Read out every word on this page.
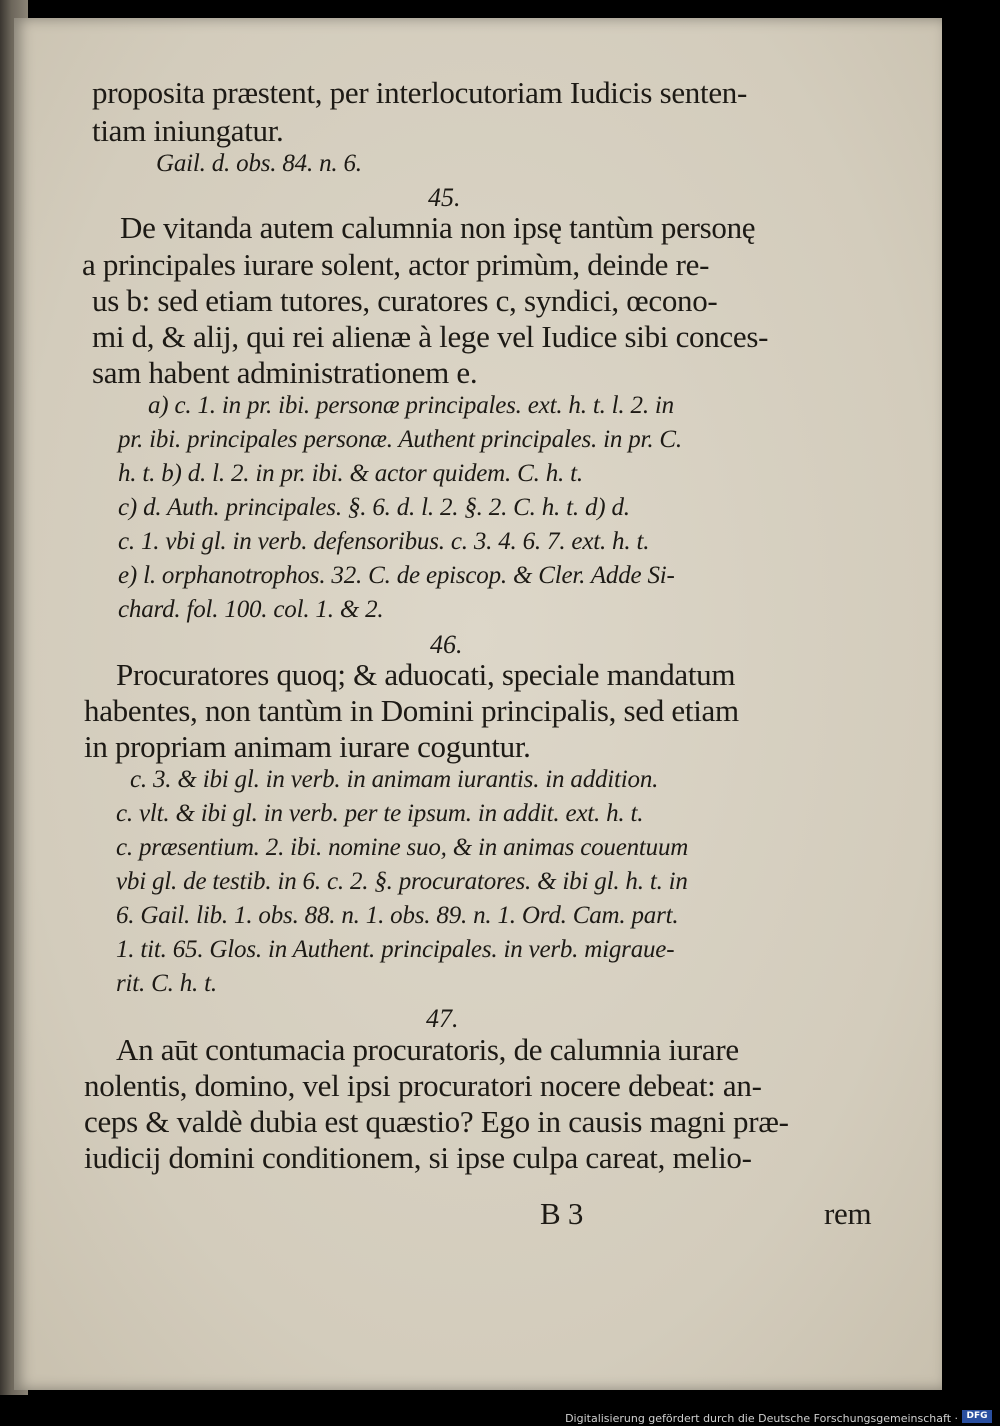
proposita præstent, per interlocutoriam Iudicis senten-

tiam iniungatur.

Gail. d. obs. 84. n. 6.

45.

De vitanda autem calumnia non ipsę tantùm personę

a principales iurare solent, actor primùm, deinde re-

us b: sed etiam tutores, curatores c, syndici, œcono-

mi d, & alij, qui rei alienæ à lege vel Iudice sibi conces-

sam habent administrationem e.

a) c. 1. in pr. ibi. personæ principales. ext. h. t. l. 2. in

pr. ibi. principales personæ. Authent principales. in pr. C.

h. t. b) d. l. 2. in pr. ibi. & actor quidem. C. h. t.

c) d. Auth. principales. §. 6. d. l. 2. §. 2. C. h. t. d) d.

c. 1. vbi gl. in verb. defensoribus. c. 3. 4. 6. 7. ext. h. t.

e) l. orphanotrophos. 32. C. de episcop. & Cler. Adde Si-

chard. fol. 100. col. 1. & 2.

46.

Procuratores quoq; & aduocati, speciale mandatum

habentes, non tantùm in Domini principalis, sed etiam

in propriam animam iurare coguntur.

c. 3. & ibi gl. in verb. in animam iurantis. in addition.

c. vlt. & ibi gl. in verb. per te ipsum. in addit. ext. h. t.

c. præsentium. 2. ibi. nomine suo, & in animas couentuum

vbi gl. de testib. in 6. c. 2. §. procuratores. & ibi gl. h. t. in

6. Gail. lib. 1. obs. 88. n. 1. obs. 89. n. 1. Ord. Cam. part.

1. tit. 65. Glos. in Authent. principales. in verb. migraue-

rit. C. h. t.

47.

An aūt contumacia procuratoris, de calumnia iurare

nolentis, domino, vel ipsi procuratori nocere debeat: an-

ceps & valdè dubia est quæstio? Ego in causis magni præ-

iudicij domini conditionem, si ipse culpa careat, melio-

B 3	rem
Digitalisierung gefördert durch die Deutsche Forschungsgemeinschaft · DFG
